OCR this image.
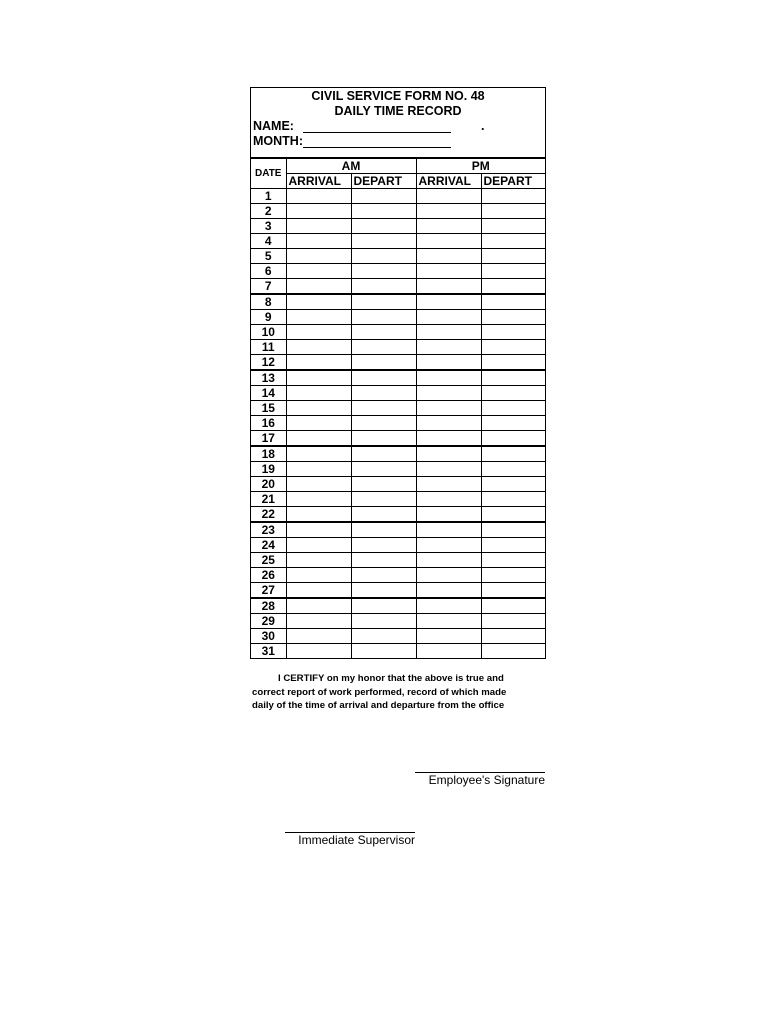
CIVIL SERVICE FORM NO. 48
DAILY TIME RECORD
NAME:	.
MONTH:
DATE	AM		PM	
	ARRIVAL	DEPART	ARRIVAL	DEPART
1				
2				
3				
4				
5				
6				
7				
8				
9				
10				
11				
12				
13				
14				
15				
16				
17				
18				
19				
20				
21				
22				
23				
24				
25				
26				
27				
28				
29				
30				
31				
I CERTIFY on my honor that the above is true and
correct report of work performed, record of which made
daily of the time of arrival and departure from the office
Employee's Signature
Immediate Supervisor
